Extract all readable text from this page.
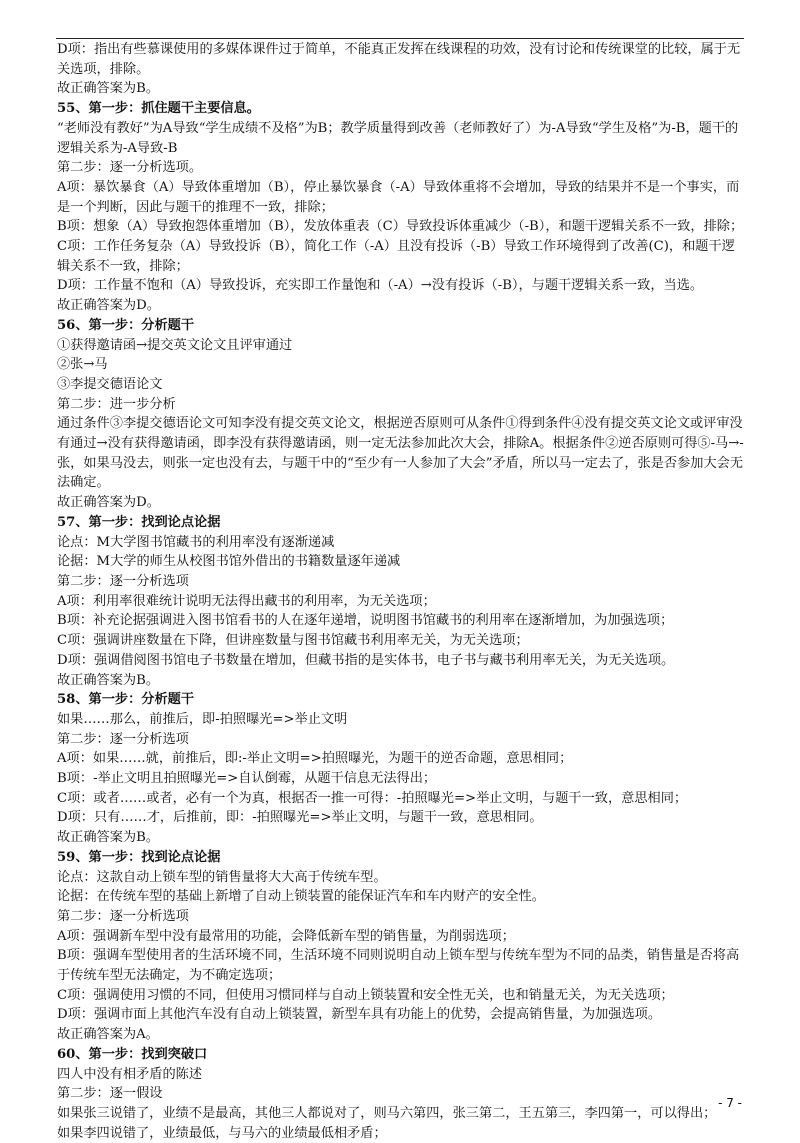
D项：指出有些慕课使用的多媒体课件过于简单，不能真正发挥在线课程的功效，没有讨论和传统课堂的比较，属于无关选项，排除。

故正确答案为B。

55、第一步：抓住题干主要信息。

“老师没有教好”为A导致“学生成绩不及格”为B；教学质量得到改善（老师教好了）为-A导致“学生及格”为-B，题干的逻辑关系为-A导致-B

第二步：逐一分析选项。

A项：暴饮暴食（A）导致体重增加（B），停止暴饮暴食（-A）导致体重将不会增加，导致的结果并不是一个事实，而是一个判断，因此与题干的推理不一致，排除；

B项：想象（A）导致抱怨体重增加（B），发放体重表（C）导致投诉体重减少（-B），和题干逻辑关系不一致，排除；

C项：工作任务复杂（A）导致投诉（B），简化工作（-A）且没有投诉（-B）导致工作环境得到了改善(C)，和题干逻辑关系不一致，排除；

D项：工作量不饱和（A）导致投诉，充实即工作量饱和（-A）→没有投诉（-B），与题干逻辑关系一致，当选。

故正确答案为D。

56、第一步：分析题干

①获得邀请函→提交英文论文且评审通过

②张→马

③李提交德语论文

第二步：进一步分析

通过条件③李提交德语论文可知李没有提交英文论文，根据逆否原则可从条件①得到条件④没有提交英文论文或评审没有通过→没有获得邀请函，即李没有获得邀请函，则一定无法参加此次大会，排除A。根据条件②逆否原则可得⑤-马→-张，如果马没去，则张一定也没有去，与题干中的“至少有一人参加了大会”矛盾，所以马一定去了，张是否参加大会无法确定。

故正确答案为D。

57、第一步：找到论点论据

论点：M大学图书馆藏书的利用率没有逐渐递减

论据：M大学的师生从校图书馆外借出的书籍数量逐年递减

第二步：逐一分析选项

A项：利用率很难统计说明无法得出藏书的利用率，为无关选项；

B项：补充论据强调进入图书馆看书的人在逐年递增，说明图书馆藏书的利用率在逐渐增加，为加强选项；

C项：强调讲座数量在下降，但讲座数量与图书馆藏书利用率无关，为无关选项；

D项：强调借阅图书馆电子书数量在增加，但藏书指的是实体书，电子书与藏书利用率无关，为无关选项。

故正确答案为B。

58、第一步：分析题干

如果……那么，前推后，即-拍照曝光=>举止文明

第二步：逐一分析选项

A项：如果……就，前推后，即:-举止文明=>拍照曝光，为题干的逆否命题，意思相同；

B项：-举止文明且拍照曝光=>自认倒霉，从题干信息无法得出；

C项：或者……或者，必有一个为真，根据否一推一可得：-拍照曝光=>举止文明，与题干一致，意思相同；

D项：只有……才，后推前，即：-拍照曝光=>举止文明，与题干一致，意思相同。

故正确答案为B。

59、第一步：找到论点论据

论点：这款自动上锁车型的销售量将大大高于传统车型。

论据：在传统车型的基础上新增了自动上锁装置的能保证汽车和车内财产的安全性。

第二步：逐一分析选项

A项：强调新车型中没有最常用的功能，会降低新车型的销售量，为削弱选项；

B项：强调车型使用者的生活环境不同，生活环境不同则说明自动上锁车型与传统车型为不同的品类，销售量是否将高于传统车型无法确定，为不确定选项；

C项：强调使用习惯的不同，但使用习惯同样与自动上锁装置和安全性无关，也和销量无关，为无关选项；

D项：强调市面上其他汽车没有自动上锁装置，新型车具有功能上的优势，会提高销售量，为加强选项。

故正确答案为A。

60、第一步：找到突破口

四人中没有相矛盾的陈述

第二步：逐一假设

如果张三说错了，业绩不是最高，其他三人都说对了，则马六第四，张三第二，王五第三，李四第一，可以得出；

如果李四说错了，业绩最低，与马六的业绩最低相矛盾；

- 7 -
